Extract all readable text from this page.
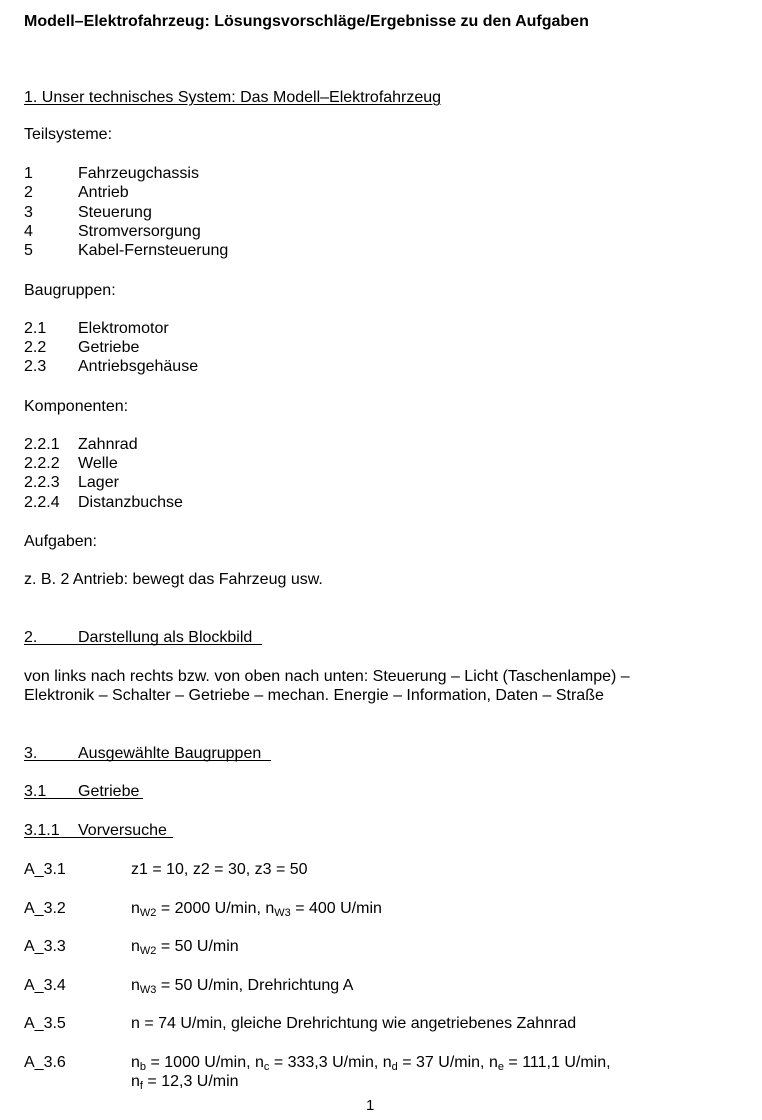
Modell–Elektrofahrzeug: Lösungsvorschläge/Ergebnisse zu den Aufgaben
1. Unser technisches System: Das Modell–Elektrofahrzeug
Teilsysteme:
1	Fahrzeugchassis
2	Antrieb
3	Steuerung
4	Stromversorgung
5	Kabel-Fernsteuerung
Baugruppen:
2.1 Elektromotor
2.2 Getriebe
2.3 Antriebsgehäuse
Komponenten:
2.2.1 Zahnrad
2.2.2 Welle
2.2.3 Lager
2.2.4 Distanzbuchse
Aufgaben:
z. B. 2 Antrieb: bewegt das Fahrzeug usw.
2.	Darstellung als Blockbild
von links nach rechts bzw. von oben nach unten: Steuerung – Licht (Taschenlampe) –
Elektronik – Schalter – Getriebe – mechan. Energie – Information, Daten – Straße
3.	Ausgewählte Baugruppen
3.1 Getriebe
3.1.1 Vorversuche
A_3.1	z1 = 10, z2 = 30, z3 = 50
A_3.2	$n_{W2} = 2000$ U/min, $n_{W3} = 400$ U/min
A_3.3	$n_{W2} = 50$ U/min
A_3.4	$n_{W3} = 50$ U/min, Drehrichtung A
A_3.5	n = 74 U/min, gleiche Drehrichtung wie angetriebenes Zahnrad
A_3.6	$n_b = 1000$ U/min, $n_c = 333,3$ U/min, $n_d = 37$ U/min, $n_e = 111,1$ U/min,
$n_f = 12,3$ U/min
1
